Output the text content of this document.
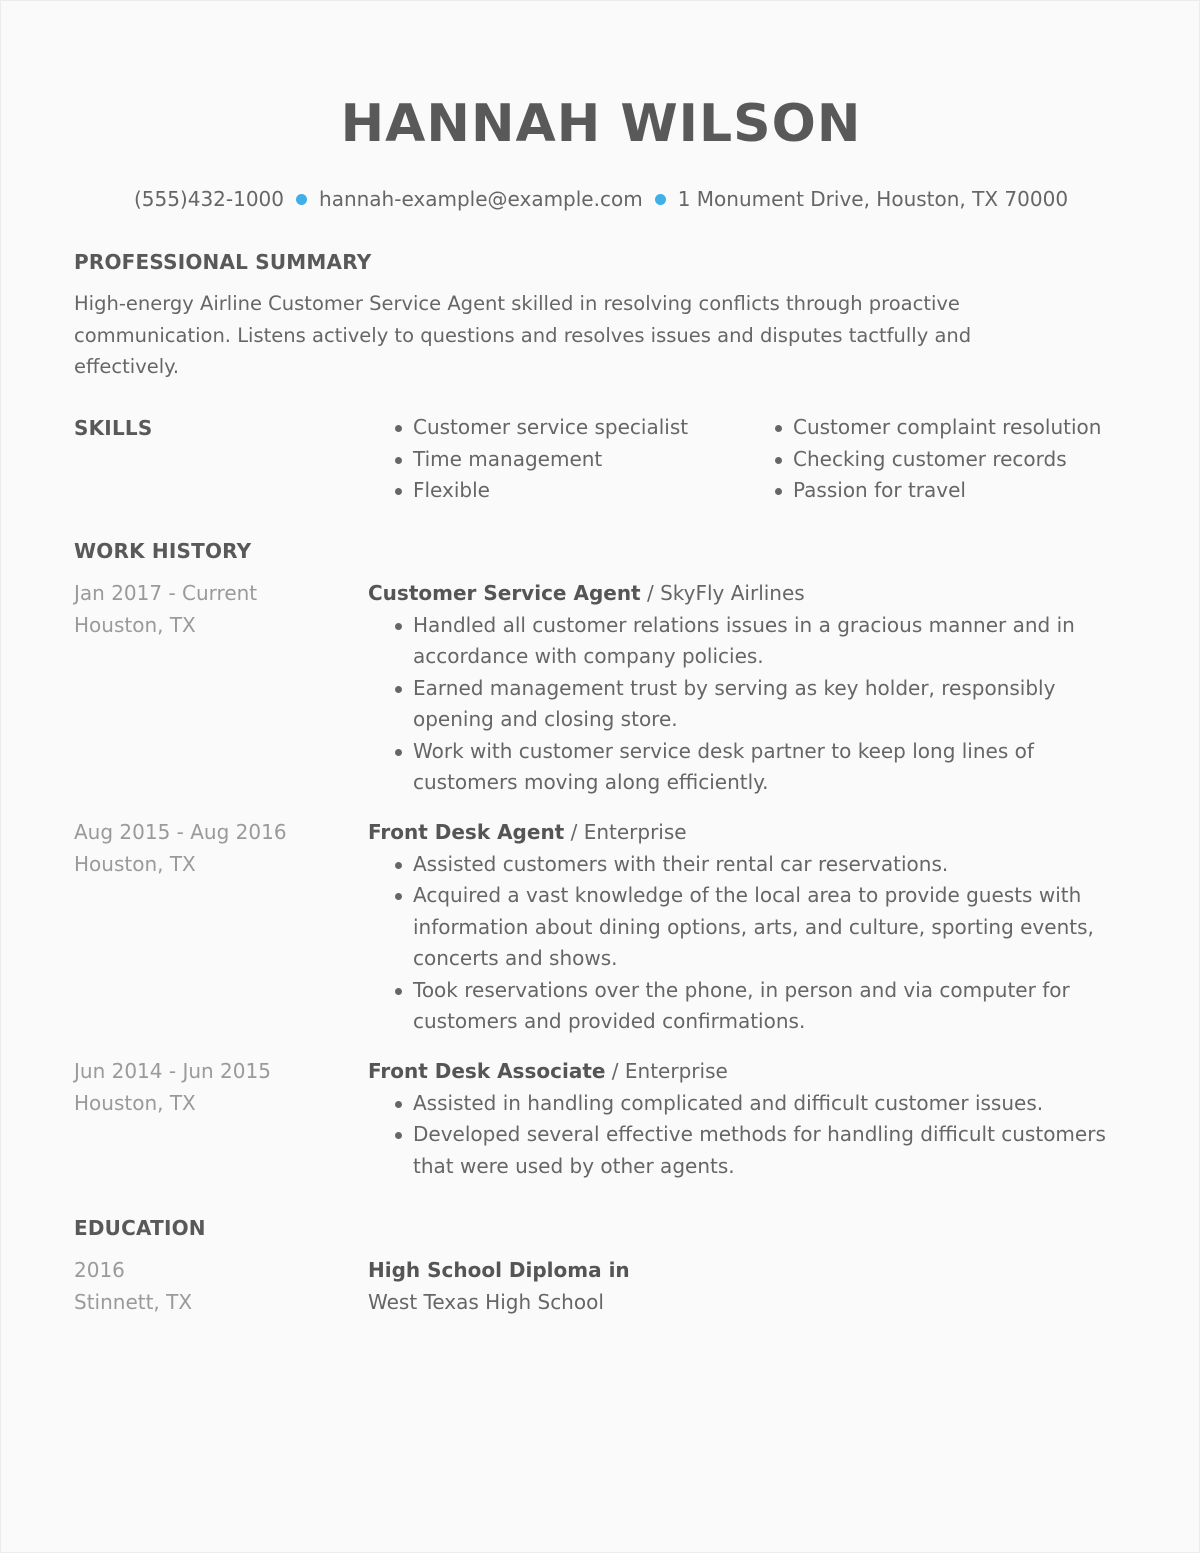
HANNAH WILSON
(555)432-1000 hannah-example@example.com 1 Monument Drive, Houston, TX 70000
PROFESSIONAL SUMMARY
High-energy Airline Customer Service Agent skilled in resolving conflicts through proactive communication. Listens actively to questions and resolves issues and disputes tactfully and effectively.
SKILLS	Customer service specialist
Time management
Flexible
Customer complaint resolution
Checking customer records
Passion for travel
WORK HISTORY
Jan 2017 - Current
Houston, TX
Customer Service Agent / SkyFly Airlines
Handled all customer relations issues in a gracious manner and in accordance with company policies.
Earned management trust by serving as key holder, responsibly opening and closing store.
Work with customer service desk partner to keep long lines of customers moving along efficiently.
Aug 2015 - Aug 2016
Houston, TX
Front Desk Agent / Enterprise
Assisted customers with their rental car reservations.
Acquired a vast knowledge of the local area to provide guests with information about dining options, arts, and culture, sporting events, concerts and shows.
Took reservations over the phone, in person and via computer for customers and provided confirmations.
Jun 2014 - Jun 2015
Houston, TX
Front Desk Associate / Enterprise
Assisted in handling complicated and difficult customer issues.
Developed several effective methods for handling difficult customers that were used by other agents.
EDUCATION
2016
Stinnett, TX
High School Diploma in
West Texas High School
